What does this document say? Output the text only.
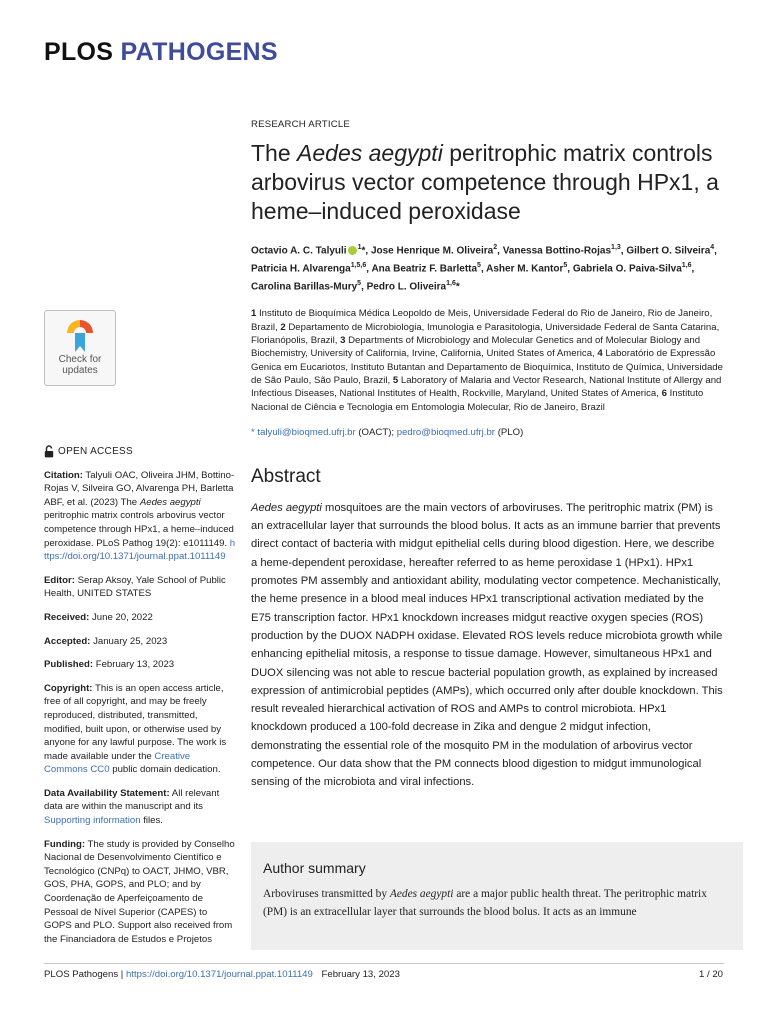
PLOS PATHOGENS
Check for
updates
OPEN ACCESS

Citation: Talyuli OAC, Oliveira JHM, Bottino-Rojas V, Silveira GO, Alvarenga PH, Barletta ABF, et al. (2023) The Aedes aegypti peritrophic matrix controls arbovirus vector competence through HPx1, a heme–induced peroxidase. PLoS Pathog 19(2): e1011149. https://doi.org/10.1371/journal.ppat.1011149

Editor: Serap Aksoy, Yale School of Public Health, UNITED STATES

Received: June 20, 2022

Accepted: January 25, 2023

Published: February 13, 2023

Copyright: This is an open access article, free of all copyright, and may be freely reproduced, distributed, transmitted, modified, built upon, or otherwise used by anyone for any lawful purpose. The work is made available under the Creative Commons CC0 public domain dedication.

Data Availability Statement: All relevant data are within the manuscript and its Supporting information files.

Funding: The study is provided by Conselho Nacional de Desenvolvimento Científico e Tecnológico (CNPq) to OACT, JHMO, VBR, GOS, PHA, GOPS, and PLO; and by Coordenação de Aperfeiçoamento de Pessoal de Nível Superior (CAPES) to GOPS and PLO. Support also received from the Financiadora de Estudos e Projetos

RESEARCH ARTICLE
The Aedes aegypti peritrophic matrix controls arbovirus vector competence through HPx1, a heme–induced peroxidase
Octavio A. C. Talyuli $^1$*, Jose Henrique M. Oliveira$^2$, Vanessa Bottino-Rojas$^{1,3}$, Gilbert O. Silveira$^4$, Patricia H. Alvarenga$^{1,5,6}$, Ana Beatriz F. Barletta$^5$, Asher M. Kantor$^5$, Gabriela O. Paiva-Silva$^{1,6}$, Carolina Barillas-Mury$^5$, Pedro L. Oliveira$^{1,6}$*
1 Instituto de Bioquímica Médica Leopoldo de Meis, Universidade Federal do Rio de Janeiro, Rio de Janeiro, Brazil, 2 Departamento de Microbiologia, Imunologia e Parasitologia, Universidade Federal de Santa Catarina, Florianópolis, Brazil, 3 Departments of Microbiology and Molecular Genetics and of Molecular Biology and Biochemistry, University of California, Irvine, California, United States of America, 4 Laboratório de Expressão Genica em Eucariotos, Instituto Butantan and Departamento de Bioquímica, Instituto de Química, Universidade de São Paulo, São Paulo, Brazil, 5 Laboratory of Malaria and Vector Research, National Institute of Allergy and Infectious Diseases, National Institutes of Health, Rockville, Maryland, United States of America, 6 Instituto Nacional de Ciência e Tecnologia em Entomologia Molecular, Rio de Janeiro, Brazil
* talyuli@bioqmed.ufrj.br (OACT); pedro@bioqmed.ufrj.br (PLO)
Abstract
Aedes aegypti mosquitoes are the main vectors of arboviruses. The peritrophic matrix (PM) is an extracellular layer that surrounds the blood bolus. It acts as an immune barrier that prevents direct contact of bacteria with midgut epithelial cells during blood digestion. Here, we describe a heme-dependent peroxidase, hereafter referred to as heme peroxidase 1 (HPx1). HPx1 promotes PM assembly and antioxidant ability, modulating vector competence. Mechanistically, the heme presence in a blood meal induces HPx1 transcriptional activation mediated by the E75 transcription factor. HPx1 knockdown increases midgut reactive oxygen species (ROS) production by the DUOX NADPH oxidase. Elevated ROS levels reduce microbiota growth while enhancing epithelial mitosis, a response to tissue damage. However, simultaneous HPx1 and DUOX silencing was not able to rescue bacterial population growth, as explained by increased expression of antimicrobial peptides (AMPs), which occurred only after double knockdown. This result revealed hierarchical activation of ROS and AMPs to control microbiota. HPx1 knockdown produced a 100-fold decrease in Zika and dengue 2 midgut infection, demonstrating the essential role of the mosquito PM in the modulation of arbovirus vector competence. Our data show that the PM connects blood digestion to midgut immunological sensing of the microbiota and viral infections.
Author summary
Arboviruses transmitted by Aedes aegypti are a major public health threat. The peritrophic matrix (PM) is an extracellular layer that surrounds the blood bolus. It acts as an immune
PLOS Pathogens | https://doi.org/10.1371/journal.ppat.1011149 February 13, 2023	1 / 20
